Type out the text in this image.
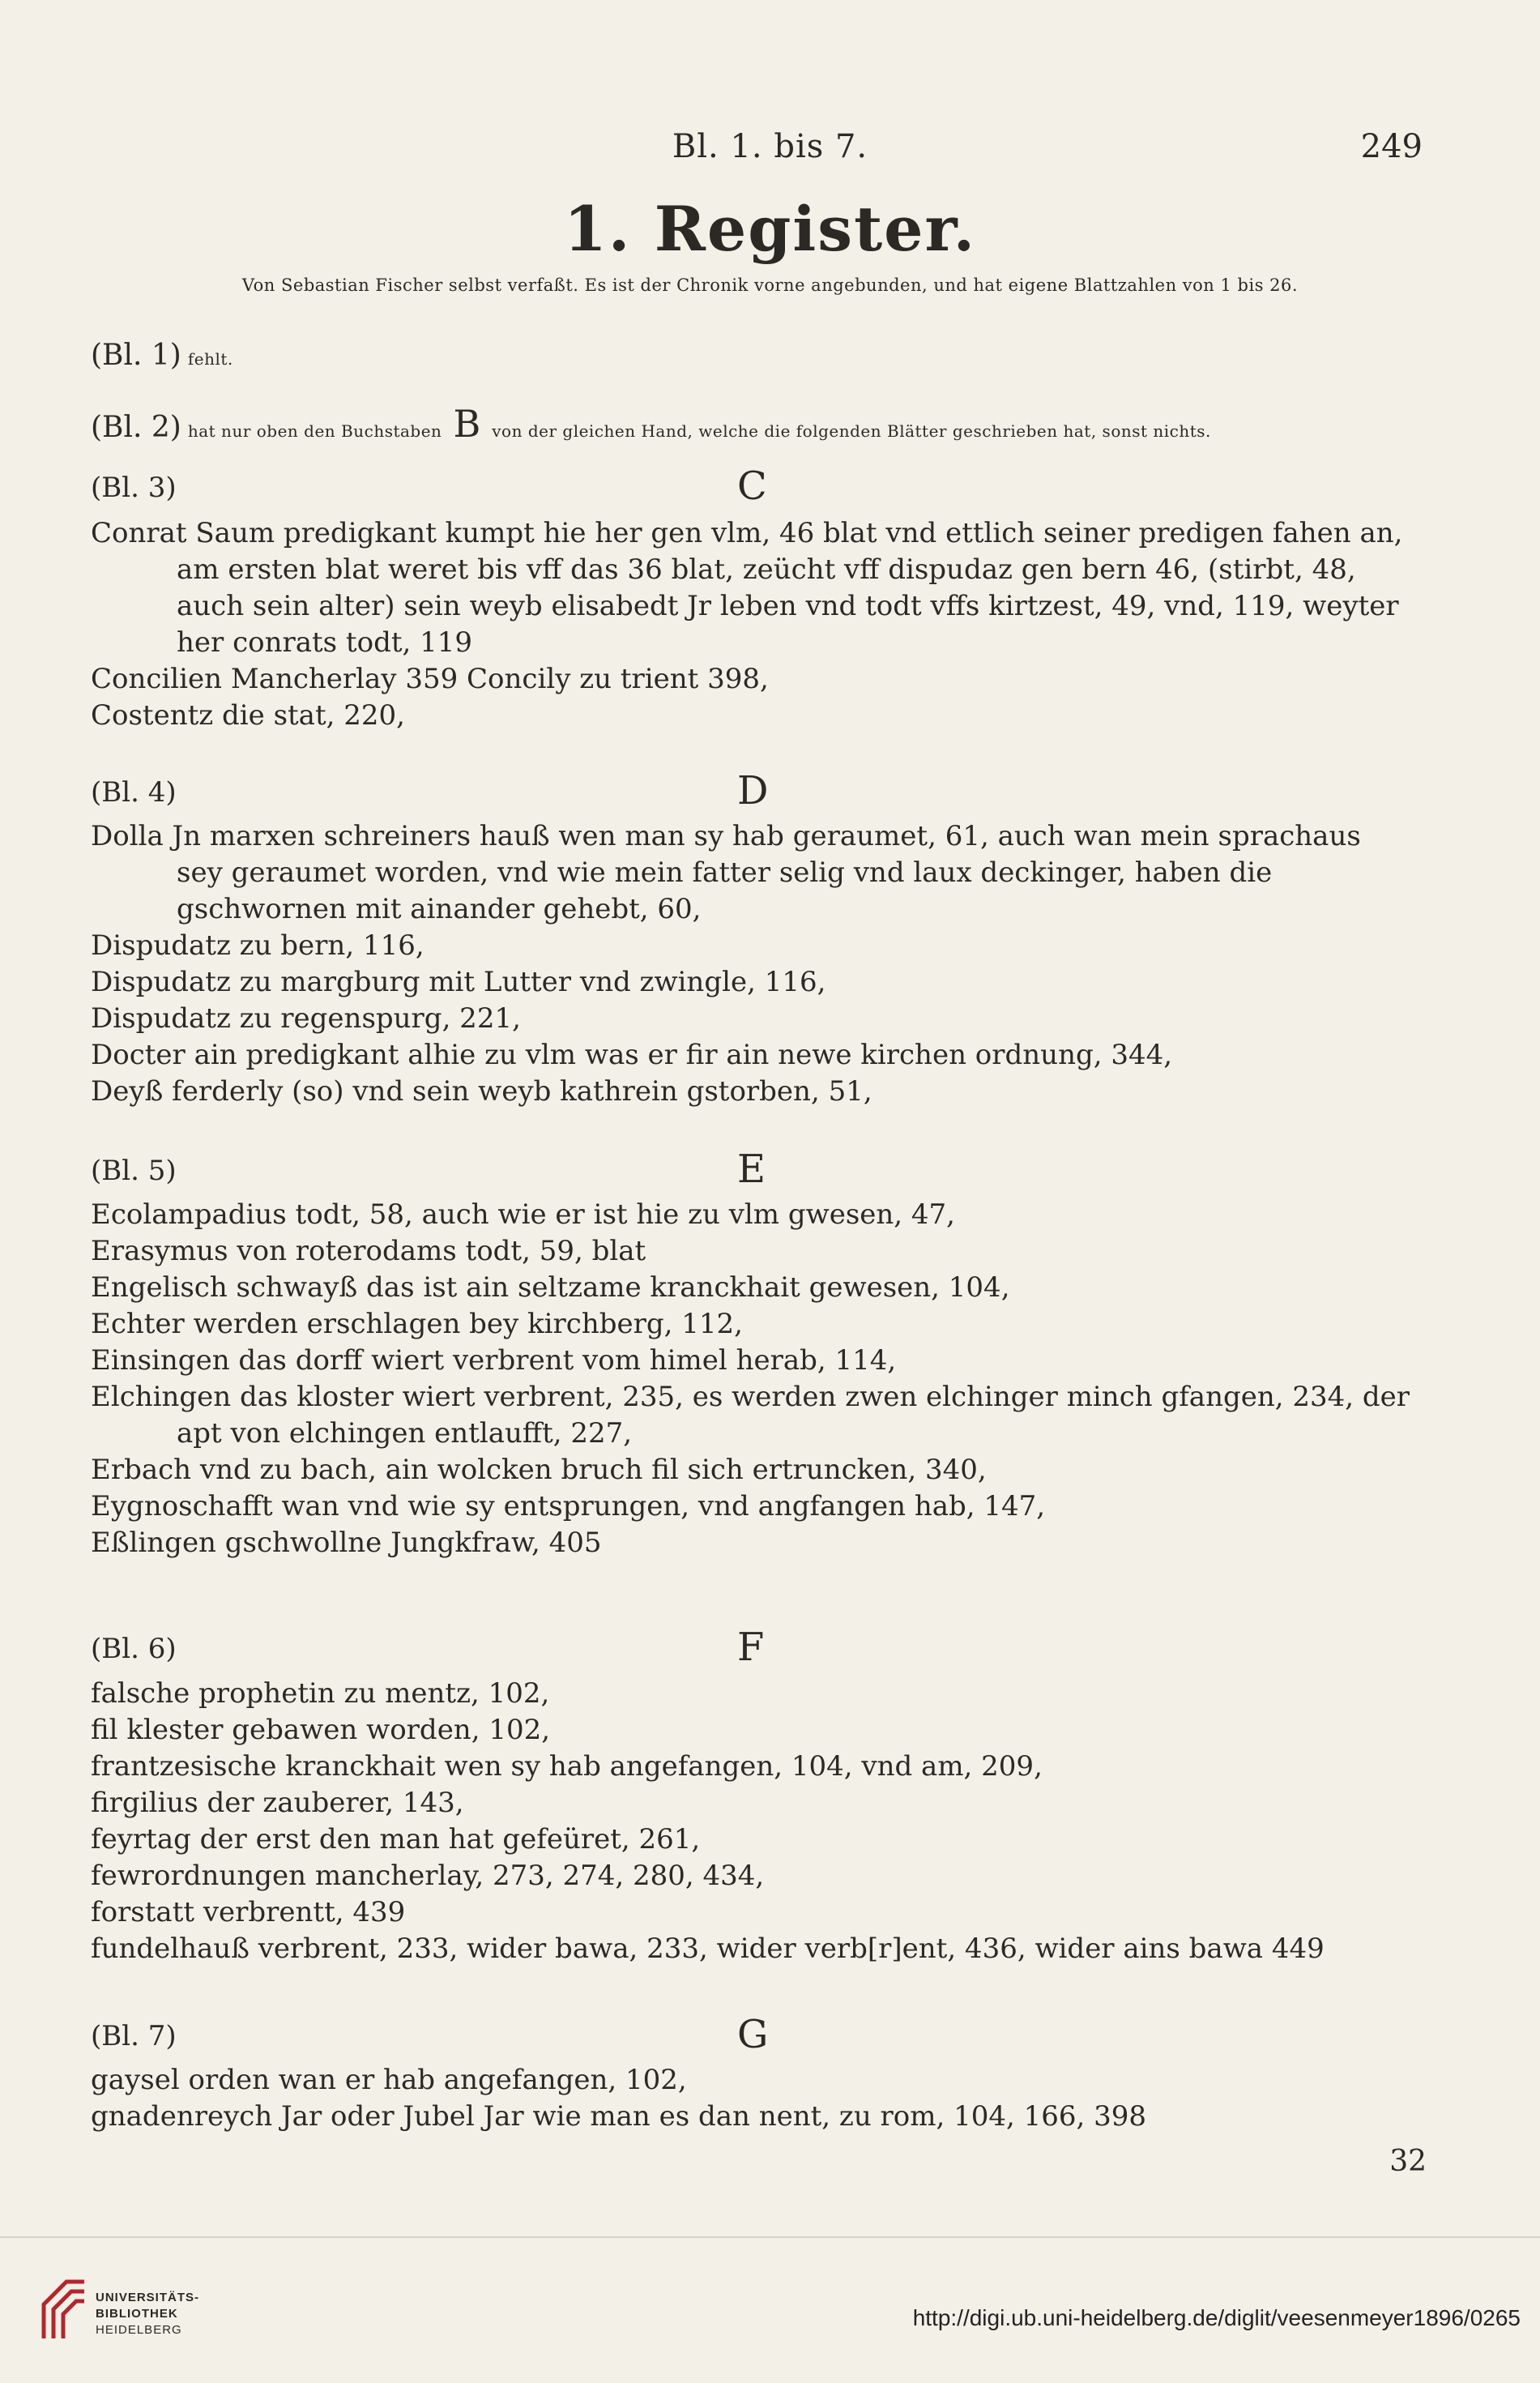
Bl. 1. bis 7.	249
1. Register.
Von Sebastian Fischer selbst verfaßt. Es ist der Chronik vorne angebunden, und hat eigene Blattzahlen von 1 bis 26.
(Bl. 1) fehlt.
(Bl. 2) hat nur oben den Buchstaben B von der gleichen Hand, welche die folgenden Blätter geschrieben hat, sonst nichts.
(Bl. 3)	C

Conrat Saum predigkant kumpt hie her gen vlm, 46 blat vnd ettlich seiner predigen fahen an, am ersten blat weret bis vff das 36 blat, zeücht vff dispudaz gen bern 46, (stirbt, 48, auch sein alter) sein weyb elisabedt Jr leben vnd todt vffs kirtzest, 49, vnd, 119, weyter her conrats todt, 119

Concilien Mancherlay 359 Concily zu trient 398,

Costentz die stat, 220,

(Bl. 4)	D

Dolla Jn marxen schreiners hauß wen man sy hab geraumet, 61, auch wan mein sprachaus sey geraumet worden, vnd wie mein fatter selig vnd laux deckinger, haben die gschwornen mit ainander gehebt, 60,

Dispudatz zu bern, 116,

Dispudatz zu margburg mit Lutter vnd zwingle, 116,

Dispudatz zu regenspurg, 221,

Docter ain predigkant alhie zu vlm was er fir ain newe kirchen ordnung, 344,

Deyß ferderly (so) vnd sein weyb kathrein gstorben, 51,

(Bl. 5)	E

Ecolampadius todt, 58, auch wie er ist hie zu vlm gwesen, 47,

Erasymus von roterodams todt, 59, blat

Engelisch schwayß das ist ain seltzame kranckhait gewesen, 104,

Echter werden erschlagen bey kirchberg, 112,

Einsingen das dorff wiert verbrent vom himel herab, 114,

Elchingen das kloster wiert verbrent, 235, es werden zwen elchinger minch gfangen, 234, der apt von elchingen entlaufft, 227,

Erbach vnd zu bach, ain wolcken bruch fil sich ertruncken, 340,

Eygnoschafft wan vnd wie sy entsprungen, vnd angfangen hab, 147,

Eßlingen gschwollne Jungkfraw, 405

(Bl. 6)	F

falsche prophetin zu mentz, 102,

fil klester gebawen worden, 102,

frantzesische kranckhait wen sy hab angefangen, 104, vnd am, 209,

firgilius der zauberer, 143,

feyrtag der erst den man hat gefeüret, 261,

fewrordnungen mancherlay, 273, 274, 280, 434,

forstatt verbrentt, 439

fundelhauß verbrent, 233, wider bawa, 233, wider verb[r]ent, 436, wider ains bawa 449

(Bl. 7)	G

gaysel orden wan er hab angefangen, 102,

gnadenreych Jar oder Jubel Jar wie man es dan nent, zu rom, 104, 166, 398

32
UNIVERSITÄTS-
BIBLIOTHEK
HEIDELBERG	http://digi.ub.uni-heidelberg.de/diglit/veesenmeyer1896/0265
